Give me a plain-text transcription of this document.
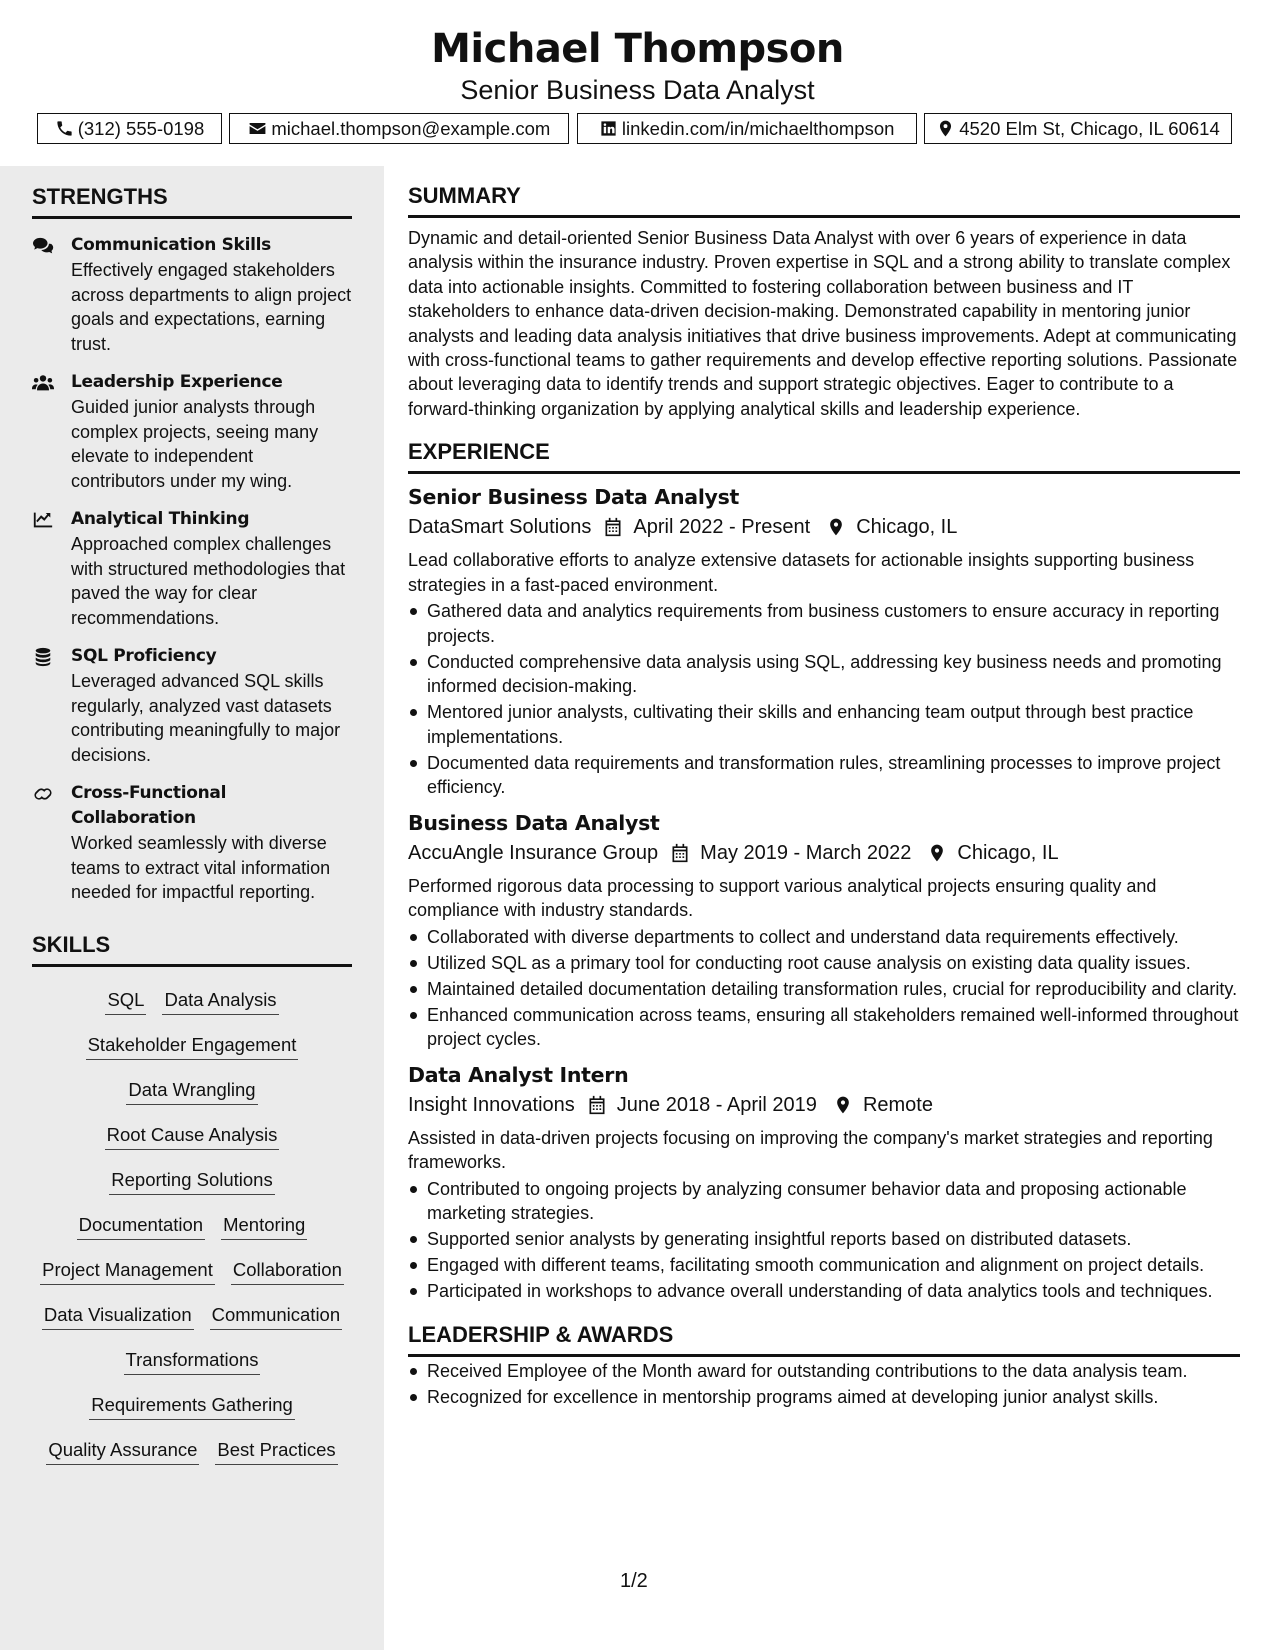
Michael Thompson
Senior Business Data Analyst
(312) 555-0198	michael.thompson@example.com	linkedin.com/in/michaelthompson	4520 Elm St, Chicago, IL 60614
STRENGTHS
Communication Skills
Effectively engaged stakeholders across departments to align project goals and expectations, earning trust.
Leadership Experience
Guided junior analysts through complex projects, seeing many elevate to independent contributors under my wing.
Analytical Thinking
Approached complex challenges with structured methodologies that paved the way for clear recommendations.
SQL Proficiency
Leveraged advanced SQL skills regularly, analyzed vast datasets contributing meaningfully to major decisions.
Cross-Functional Collaboration
Worked seamlessly with diverse teams to extract vital information needed for impactful reporting.
SKILLS
SQL Data Analysis
Stakeholder Engagement
Data Wrangling
Root Cause Analysis
Reporting Solutions
Documentation Mentoring
Project Management Collaboration
Data Visualization Communication
Transformations
Requirements Gathering
Quality Assurance Best Practices
SUMMARY
Dynamic and detail-oriented Senior Business Data Analyst with over 6 years of experience in data analysis within the insurance industry. Proven expertise in SQL and a strong ability to translate complex data into actionable insights. Committed to fostering collaboration between business and IT stakeholders to enhance data-driven decision-making. Demonstrated capability in mentoring junior analysts and leading data analysis initiatives that drive business improvements. Adept at communicating with cross-functional teams to gather requirements and develop effective reporting solutions. Passionate about leveraging data to identify trends and support strategic objectives. Eager to contribute to a forward-thinking organization by applying analytical skills and leadership experience.
EXPERIENCE
Senior Business Data Analyst
DataSmart Solutions April 2022 - Present Chicago, IL
Lead collaborative efforts to analyze extensive datasets for actionable insights supporting business strategies in a fast-paced environment.
Gathered data and analytics requirements from business customers to ensure accuracy in reporting projects.
Conducted comprehensive data analysis using SQL, addressing key business needs and promoting informed decision-making.
Mentored junior analysts, cultivating their skills and enhancing team output through best practice implementations.
Documented data requirements and transformation rules, streamlining processes to improve project efficiency.
Business Data Analyst
AccuAngle Insurance Group May 2019 - March 2022 Chicago, IL
Performed rigorous data processing to support various analytical projects ensuring quality and compliance with industry standards.
Collaborated with diverse departments to collect and understand data requirements effectively.
Utilized SQL as a primary tool for conducting root cause analysis on existing data quality issues.
Maintained detailed documentation detailing transformation rules, crucial for reproducibility and clarity.
Enhanced communication across teams, ensuring all stakeholders remained well-informed throughout project cycles.
Data Analyst Intern
Insight Innovations June 2018 - April 2019 Remote
Assisted in data-driven projects focusing on improving the company's market strategies and reporting frameworks.
Contributed to ongoing projects by analyzing consumer behavior data and proposing actionable marketing strategies.
Supported senior analysts by generating insightful reports based on distributed datasets.
Engaged with different teams, facilitating smooth communication and alignment on project details.
Participated in workshops to advance overall understanding of data analytics tools and techniques.
LEADERSHIP & AWARDS
Received Employee of the Month award for outstanding contributions to the data analysis team.
Recognized for excellence in mentorship programs aimed at developing junior analyst skills.
1/2
